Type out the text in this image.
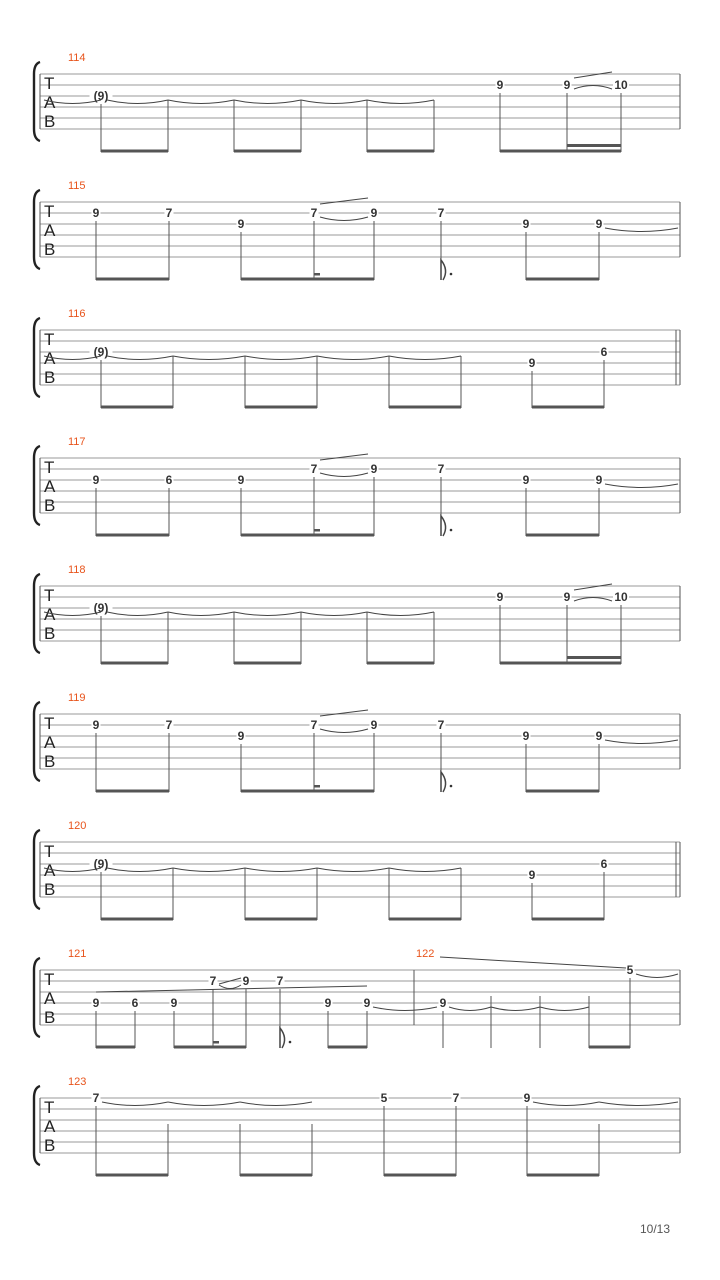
T
A
B
114
(9)
9	9	10
T
A
B
115
9	7
9
7	9	7
9	9
T
A
B
116
(9)
9
6
T
A
B
117
9	6	9
7	9	7
9	9
T
A
B
118
(9)
9	9	10
T
A
B
119
9	7
9
7	9	7
9	9
T
A
B
120
(9)
9
6
T
A
B
121	122
9	6	9
7 9 7
9	9	9
5
T
A
B
123
7	5	7	9
10/13
